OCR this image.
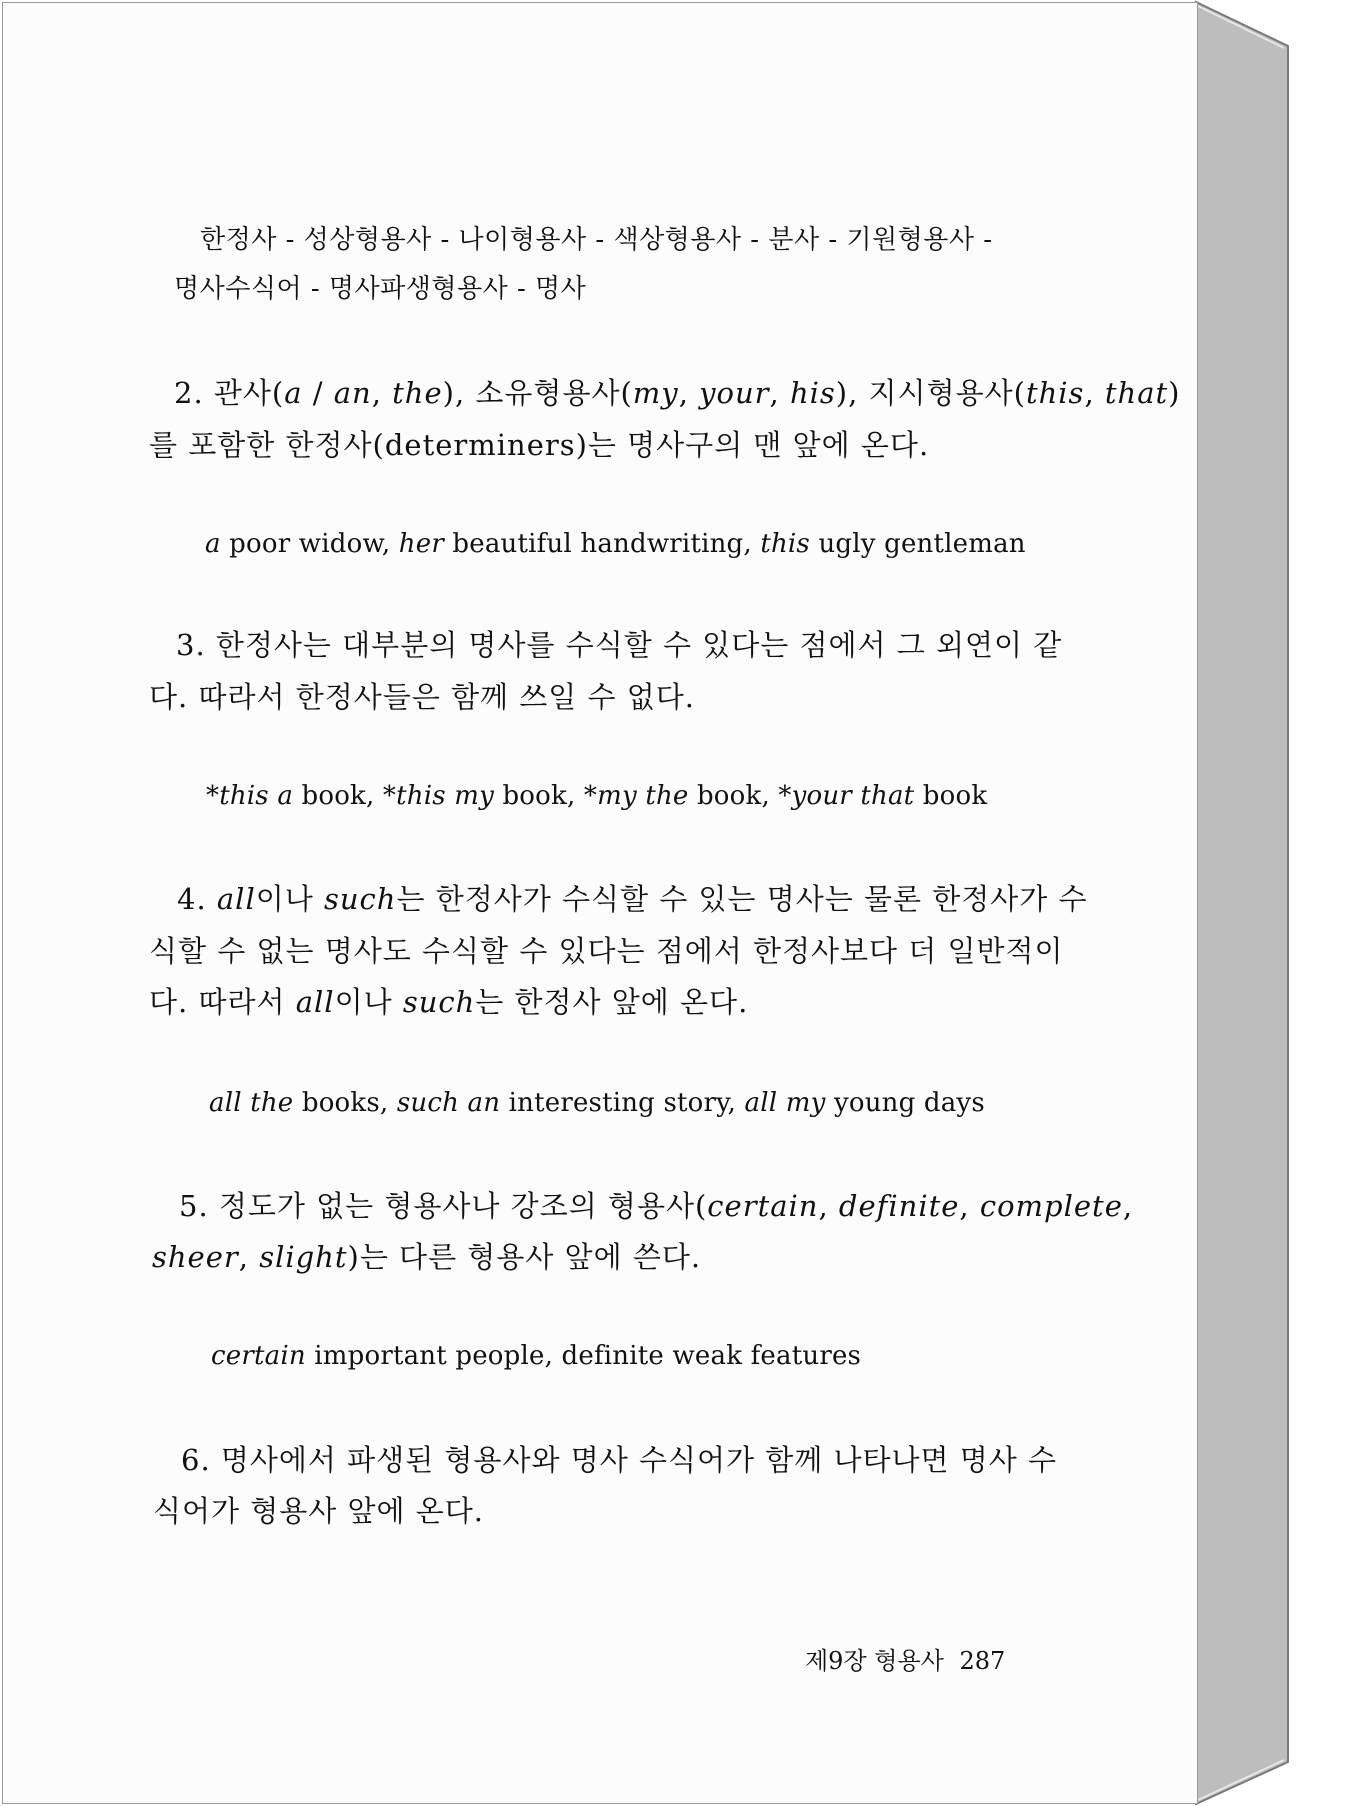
한정사 - 성상형용사 - 나이형용사 - 색상형용사 - 분사 - 기원형용사 -
명사수식어 - 명사파생형용사 - 명사
2. 관사(a / an, the), 소유형용사(my, your, his), 지시형용사(this, that)
를 포함한 한정사(determiners)는 명사구의 맨 앞에 온다.
a poor widow, her beautiful handwriting, this ugly gentleman
3. 한정사는 대부분의 명사를 수식할 수 있다는 점에서 그 외연이 같
다. 따라서 한정사들은 함께 쓰일 수 없다.
*this a book, *this my book, *my the book, *your that book
4. all이나 such는 한정사가 수식할 수 있는 명사는 물론 한정사가 수
식할 수 없는 명사도 수식할 수 있다는 점에서 한정사보다 더 일반적이
다. 따라서 all이나 such는 한정사 앞에 온다.
all the books, such an interesting story, all my young days
5. 정도가 없는 형용사나 강조의 형용사(certain, definite, complete,
sheer, slight)는 다른 형용사 앞에 쓴다.
certain important people, definite weak features
6. 명사에서 파생된 형용사와 명사 수식어가 함께 나타나면 명사 수
식어가 형용사 앞에 온다.
제9장 형용사 287
